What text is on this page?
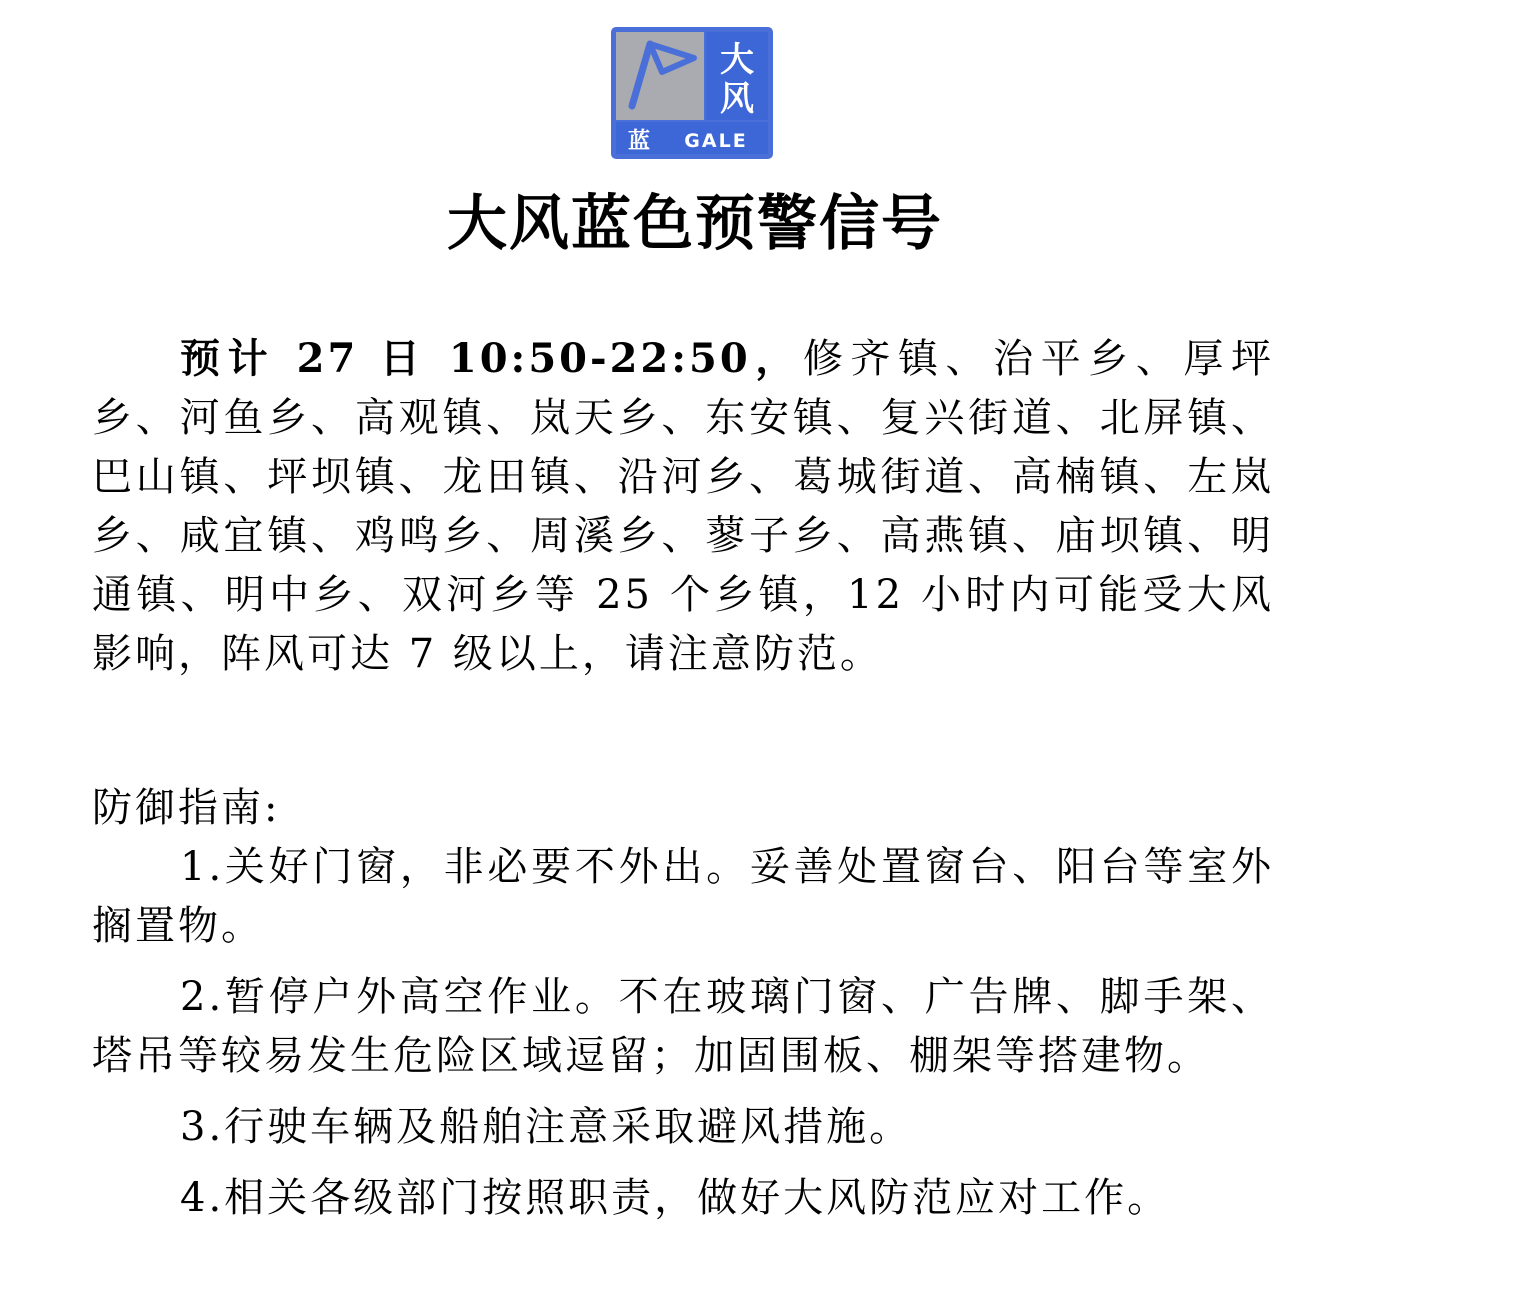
大
风
蓝 GALE
大风蓝色预警信号

预计 27 日 10:50-22:50，修齐镇、治平乡、厚坪乡、河鱼乡、高观镇、岚天乡、东安镇、复兴街道、北屏镇、巴山镇、坪坝镇、龙田镇、沿河乡、葛城街道、高楠镇、左岚乡、咸宜镇、鸡鸣乡、周溪乡、蓼子乡、高燕镇、庙坝镇、明通镇、明中乡、双河乡等 25 个乡镇，12 小时内可能受大风影响，阵风可达 7 级以上，请注意防范。

防御指南:

1.关好门窗，非必要不外出。妥善处置窗台、阳台等室外搁置物。
2.暂停户外高空作业。不在玻璃门窗、广告牌、脚手架、塔吊等较易发生危险区域逗留；加固围板、棚架等搭建物。
3.行驶车辆及船舶注意采取避风措施。
4.相关各级部门按照职责，做好大风防范应对工作。
